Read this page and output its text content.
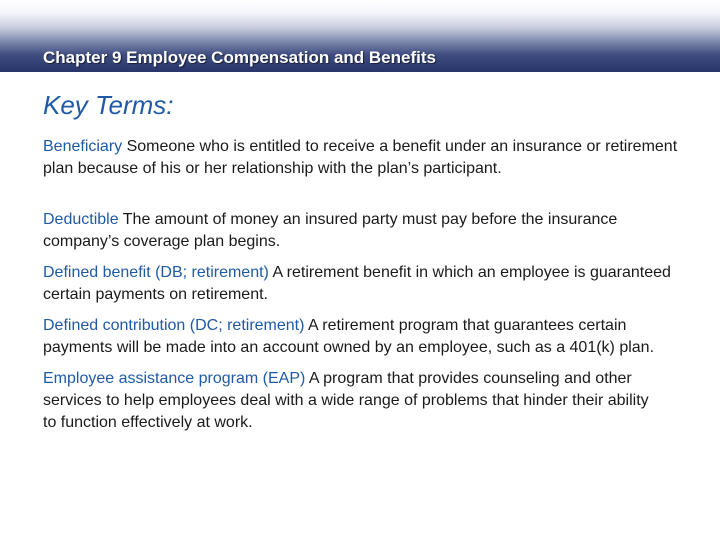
Chapter 9 Employee Compensation and Benefits
Key Terms:
Beneficiary Someone who is entitled to receive a benefit under an insurance or retirement plan because of his or her relationship with the plan’s participant.
Deductible The amount of money an insured party must pay before the insurance company’s coverage plan begins.
Defined benefit (DB; retirement) A retirement benefit in which an employee is guaranteed certain payments on retirement.
Defined contribution (DC; retirement) A retirement program that guarantees certain payments will be made into an account owned by an employee, such as a 401(k) plan.
Employee assistance program (EAP) A program that provides counseling and other services to help employees deal with a wide range of problems that hinder their ability to function effectively at work.
